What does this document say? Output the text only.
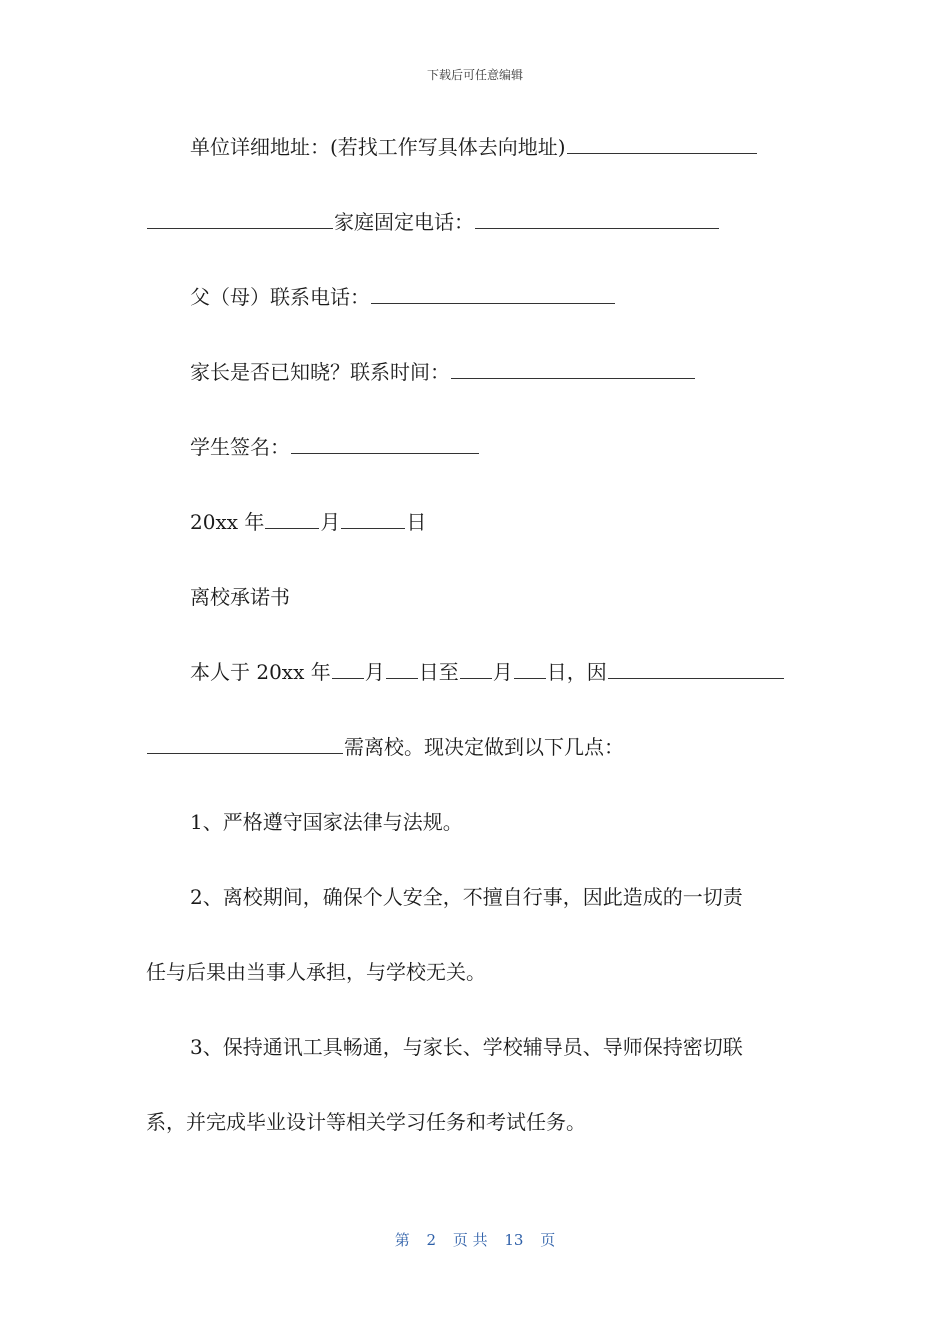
下载后可任意编辑
单位详细地址：(若找工作写具体去向地址)
家庭固定电话：
父（母）联系电话：
家长是否已知晓？联系时间：
学生签名：
20xx 年	月	日
离校承诺书
本人于 20xx 年 月 日至 月 日，因
需离校。现决定做到以下几点：
1、严格遵守国家法律与法规。
2、离校期间，确保个人安全，不擅自行事，因此造成的一切责
任与后果由当事人承担，与学校无关。
3、保持通讯工具畅通，与家长、学校辅导员、导师保持密切联
系，并完成毕业设计等相关学习任务和考试任务。
第 2 页 共 13 页
